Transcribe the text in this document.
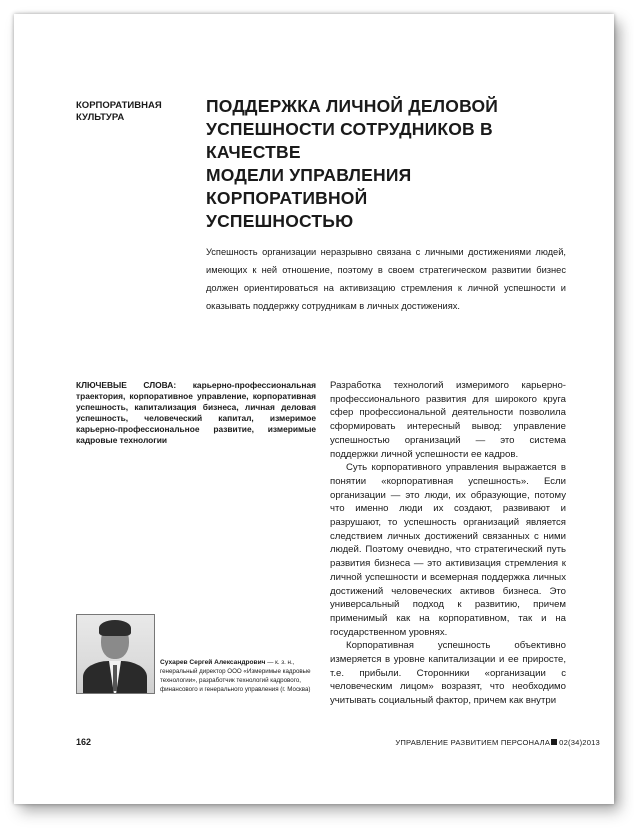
КОРПОРАТИВНАЯ
КУЛЬТУРА
ПОДДЕРЖКА ЛИЧНОЙ ДЕЛОВОЙ
УСПЕШНОСТИ СОТРУДНИКОВ В КАЧЕСТВЕ
МОДЕЛИ УПРАВЛЕНИЯ КОРПОРАТИВНОЙ
УСПЕШНОСТЬЮ
Успешность организации неразрывно связана с личными достижениями людей, имеющих к ней отношение, поэтому в своем стратегическом развитии бизнес должен ориентироваться на активизацию стремления к личной успешности и оказывать поддержку сотрудникам в личных достижениях.
КЛЮЧЕВЫЕ СЛОВА: карьерно-профессиональная траектория, корпоративное управление, корпоративная успешность, капитализация бизнеса, личная деловая успешность, человеческий капитал, измеримое карьерно-профессиональное развитие, измеримые кадровые технологии

Разработка технологий измеримого карьерно-профессионального развития для широкого круга сфер профессиональной деятельности позволила сформировать интересный вывод: управление успешностью организаций — это система поддержки личной успешности ее кадров.

Суть корпоративного управления выражается в понятии «корпоративная успешность». Если организации — это люди, их образующие, потому что именно люди их создают, развивают и разрушают, то успешность организаций является следствием личных достижений связанных с ними людей. Поэтому очевидно, что стратегический путь развития бизнеса — это активизация стремления к личной успешности и всемерная поддержка личных достижений человеческих активов бизнеса. Это универсальный подход к развитию, причем применимый как на корпоративном, так и на государственном уровнях.

Корпоративная успешность объективно измеряется в уровне капитализации и ее приросте, т.е. прибыли. Сторонники «организации с человеческим лицом» возразят, что необходимо учитывать социальный фактор, причем как внутри

Сухарев Сергей Александрович — к. з. н., генеральный директор ООО «Измеримые кадровые технологии», разработчик технологий кадрового, финансового и генерального управления (г. Москва)
162	УПРАВЛЕНИЕ РАЗВИТИЕМ ПЕРСОНАЛА 02(34)2013
